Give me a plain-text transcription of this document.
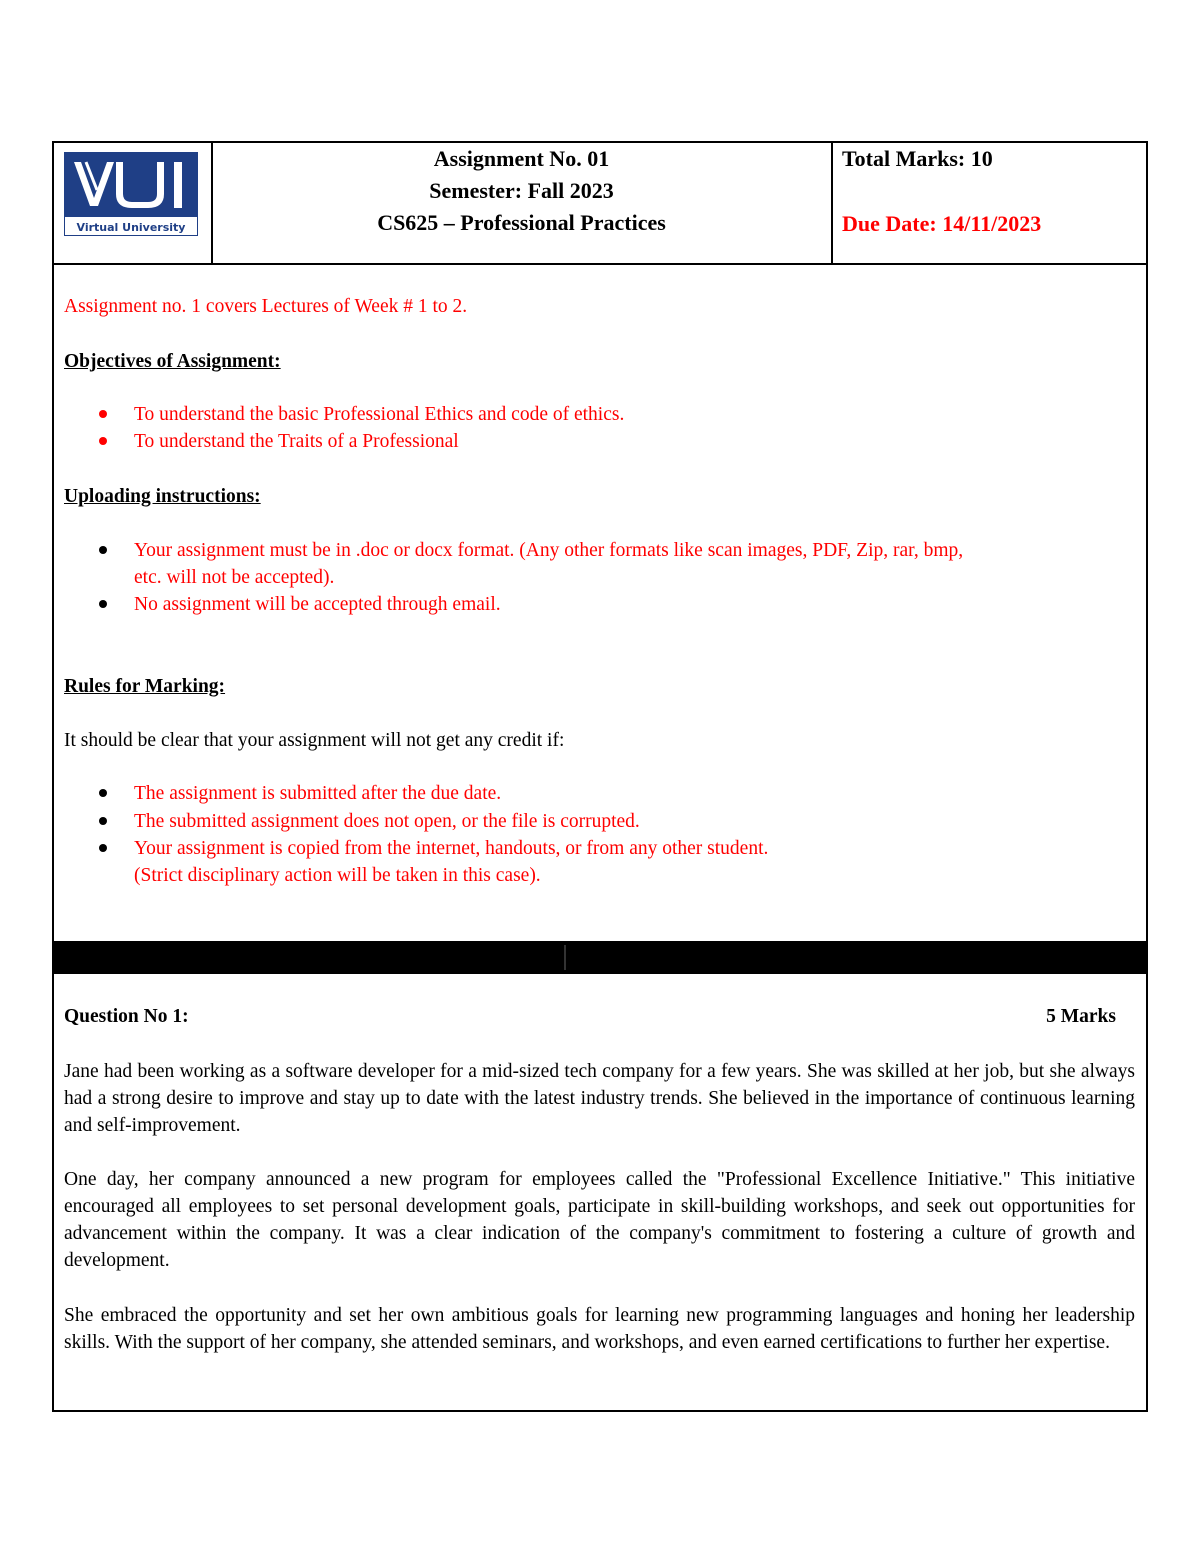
Virtual University
Assignment No. 01
Semester: Fall 2023
CS625 – Professional Practices
Total Marks: 10
Due Date: 14/11/2023
Assignment no. 1 covers Lectures of Week # 1 to 2.
Objectives of Assignment:
To understand the basic Professional Ethics and code of ethics.
To understand the Traits of a Professional
Uploading instructions:
Your assignment must be in .doc or docx format. (Any other formats like scan images, PDF, Zip, rar, bmp,
etc. will not be accepted).
No assignment will be accepted through email.
Rules for Marking:
It should be clear that your assignment will not get any credit if:
The assignment is submitted after the due date.
The submitted assignment does not open, or the file is corrupted.
Your assignment is copied from the internet, handouts, or from any other student.
(Strict disciplinary action will be taken in this case).
Question No 1:	5 Marks
Jane had been working as a software developer for a mid-sized tech company for a few years. She was skilled at her job, but she always had a strong desire to improve and stay up to date with the latest industry trends. She believed in the importance of continuous learning and self-improvement.
One day, her company announced a new program for employees called the "Professional Excellence Initiative." This initiative encouraged all employees to set personal development goals, participate in skill-building workshops, and seek out opportunities for advancement within the company. It was a clear indication of the company's commitment to fostering a culture of growth and development.
She embraced the opportunity and set her own ambitious goals for learning new programming languages and honing her leadership skills. With the support of her company, she attended seminars, and workshops, and even earned certifications to further her expertise.
